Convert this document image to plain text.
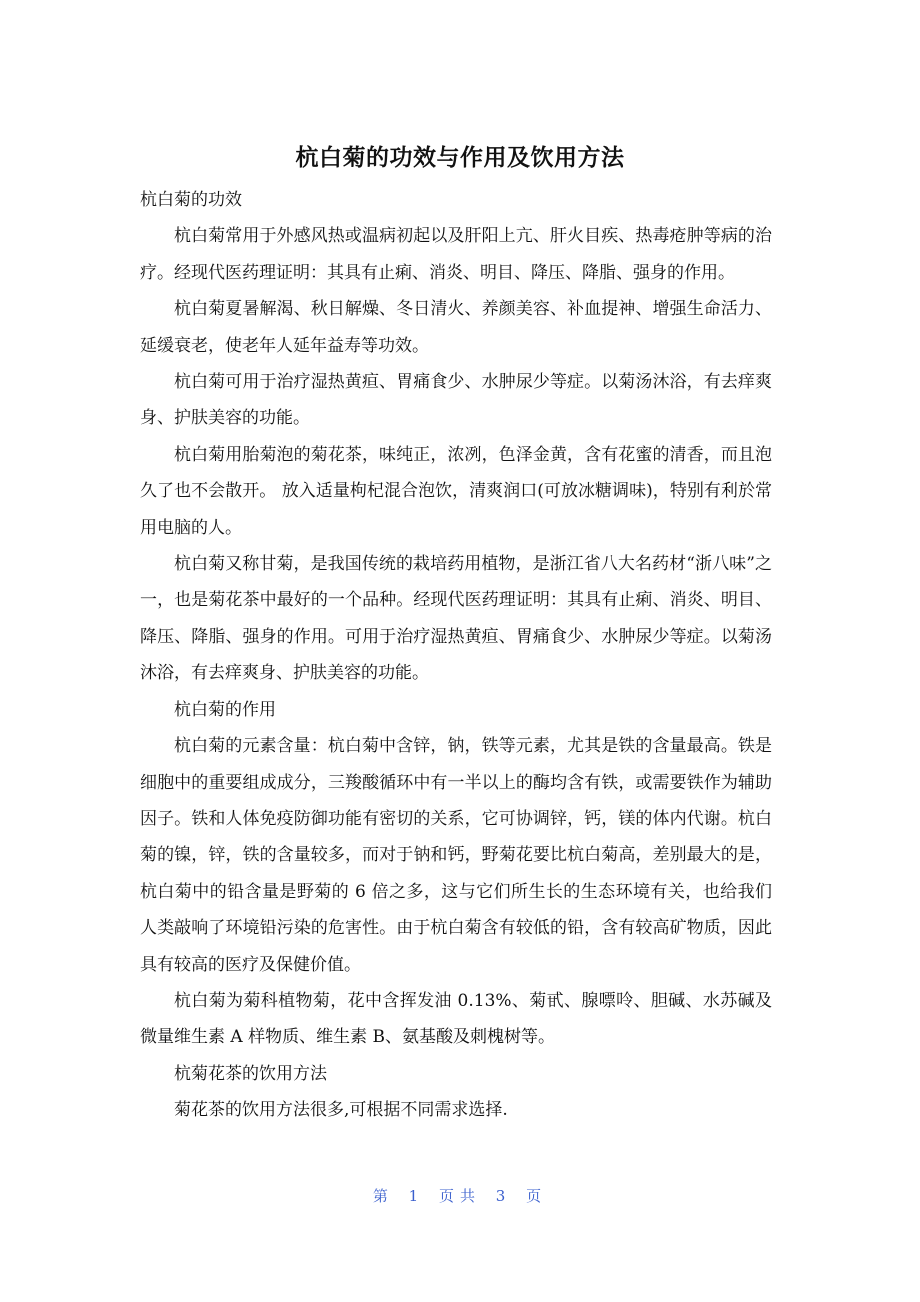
杭白菊的功效与作用及饮用方法

杭白菊的功效

杭白菊常用于外感风热或温病初起以及肝阳上亢、肝火目疾、热毒疮肿等病的治疗。经现代医药理证明：其具有止痢、消炎、明目、降压、降脂、强身的作用。

杭白菊夏暑解渴、秋日解燥、冬日清火、养颜美容、补血提神、增强生命活力、延缓衰老，使老年人延年益寿等功效。

杭白菊可用于治疗湿热黄疸、胃痛食少、水肿尿少等症。以菊汤沐浴，有去痒爽身、护肤美容的功能。

杭白菊用胎菊泡的菊花茶，味纯正，浓冽，色泽金黄，含有花蜜的清香，而且泡久了也不会散开。 放入适量枸杞混合泡饮，清爽润口(可放冰糖调味)，特别有利於常用电脑的人。

杭白菊又称甘菊，是我国传统的栽培药用植物，是浙江省八大名药材“浙八味”之一，也是菊花茶中最好的一个品种。经现代医药理证明：其具有止痢、消炎、明目、降压、降脂、强身的作用。可用于治疗湿热黄疸、胃痛食少、水肿尿少等症。以菊汤沐浴，有去痒爽身、护肤美容的功能。

杭白菊的作用

杭白菊的元素含量：杭白菊中含锌，钠，铁等元素，尤其是铁的含量最高。铁是细胞中的重要组成成分，三羧酸循环中有一半以上的酶均含有铁，或需要铁作为辅助因子。铁和人体免疫防御功能有密切的关系，它可协调锌，钙，镁的体内代谢。杭白菊的镍，锌，铁的含量较多，而对于钠和钙，野菊花要比杭白菊高，差别最大的是，杭白菊中的铅含量是野菊的 6 倍之多，这与它们所生长的生态环境有关，也给我们人类敲响了环境铅污染的危害性。由于杭白菊含有较低的铅，含有较高矿物质，因此具有较高的医疗及保健价值。

杭白菊为菊科植物菊，花中含挥发油 0.13%、菊甙、腺嘌呤、胆碱、水苏碱及微量维生素 A 样物质、维生素 B、氨基酸及刺槐树等。

杭菊花茶的饮用方法

菊花茶的饮用方法很多,可根据不同需求选择.

第 1 页共 3 页
